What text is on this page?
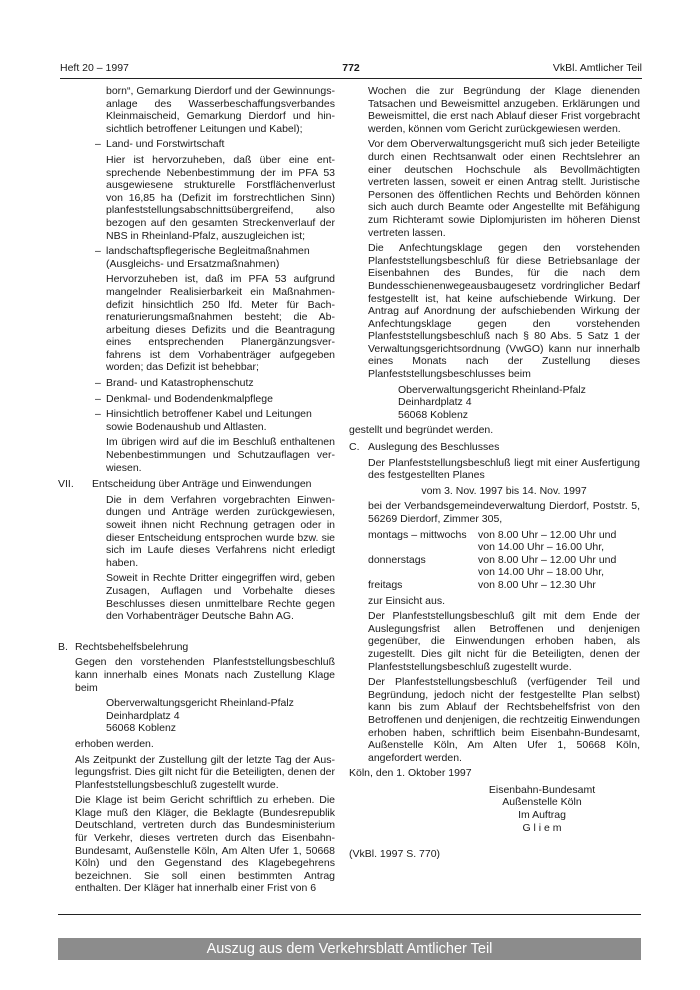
Heft 20 – 1997	772	VkBl. Amtlicher Teil

born“, Gemarkung Dierdorf und der Gewinnungsanlage des Wasserbeschaffungsverbandes Kleinmaischeid, Gemarkung Dierdorf und hinsichtlich betroffener Leitungen und Kabel);

– Land- und Forstwirtschaft

Hier ist hervorzuheben, daß über eine entsprechende Nebenbestimmung der im PFA 53 ausgewiesene strukturelle Forstflächenverlust von 16,85 ha (Defizit im forstrechtlichen Sinn) planfeststellungsabschnittsübergreifend, also bezogen auf den gesamten Streckenverlauf der NBS in Rheinland-Pfalz, auszugleichen ist;

– landschaftspflegerische Begleitmaßnahmen (Ausgleichs- und Ersatzmaßnahmen)

Hervorzuheben ist, daß im PFA 53 aufgrund mangelnder Realisierbarkeit ein Maßnahmendefizit hinsichtlich 250 lfd. Meter für Bachrenaturierungsmaßnahmen besteht; die Abarbeitung dieses Defizits und die Beantragung eines entsprechenden Planergänzungsverfahrens ist dem Vorhabenträger aufgegeben worden; das Defizit ist behebbar;

– Brand- und Katastrophenschutz
– Denkmal- und Bodendenkmalpflege
– Hinsichtlich betroffener Kabel und Leitungen sowie Bodenaushub und Altlasten.

Im übrigen wird auf die im Beschluß enthaltenen Nebenbestimmungen und Schutzauflagen verwiesen.

VII. Entscheidung über Anträge und Einwendungen

Die in dem Verfahren vorgebrachten Einwendungen und Anträge werden zurückgewiesen, soweit ihnen nicht Rechnung getragen oder in dieser Entscheidung entsprochen wurde bzw. sie sich im Laufe dieses Verfahrens nicht erledigt haben.

Soweit in Rechte Dritter eingegriffen wird, geben Zusagen, Auflagen und Vorbehalte dieses Beschlusses diesen unmittelbare Rechte gegen den Vorhabenträger Deutsche Bahn AG.

B. Rechtsbehelfsbelehrung

Gegen den vorstehenden Planfeststellungsbeschluß kann innerhalb eines Monats nach Zustellung Klage beim

Oberverwaltungsgericht Rheinland-Pfalz
Deinhardplatz 4
56068 Koblenz

erhoben werden.

Als Zeitpunkt der Zustellung gilt der letzte Tag der Auslegungsfrist. Dies gilt nicht für die Beteiligten, denen der Planfeststellungsbeschluß zugestellt wurde.

Die Klage ist beim Gericht schriftlich zu erheben. Die Klage muß den Kläger, die Beklagte (Bundesrepublik Deutschland, vertreten durch das Bundesministerium für Verkehr, dieses vertreten durch das Eisenbahn-Bundesamt, Außenstelle Köln, Am Alten Ufer 1, 50668 Köln) und den Gegenstand des Klagebegehrens bezeichnen. Sie soll einen bestimmten Antrag enthalten. Der Kläger hat innerhalb einer Frist von 6

Wochen die zur Begründung der Klage dienenden Tatsachen und Beweismittel anzugeben. Erklärungen und Beweismittel, die erst nach Ablauf dieser Frist vorgebracht werden, können vom Gericht zurückgewiesen werden.

Vor dem Oberverwaltungsgericht muß sich jeder Beteiligte durch einen Rechtsanwalt oder einen Rechtslehrer an einer deutschen Hochschule als Bevollmächtigten vertreten lassen, soweit er einen Antrag stellt. Juristische Personen des öffentlichen Rechts und Behörden können sich auch durch Beamte oder Angestellte mit Befähigung zum Richteramt sowie Diplomjuristen im höheren Dienst vertreten lassen.

Die Anfechtungsklage gegen den vorstehenden Planfeststellungsbeschluß für diese Betriebsanlage der Eisenbahnen des Bundes, für die nach dem Bundesschienenwegeausbaugesetz vordringlicher Bedarf festgestellt ist, hat keine aufschiebende Wirkung. Der Antrag auf Anordnung der aufschiebenden Wirkung der Anfechtungsklage gegen den vorstehenden Planfeststellungsbeschluß nach § 80 Abs. 5 Satz 1 der Verwaltungsgerichtsordnung (VwGO) kann nur innerhalb eines Monats nach der Zustellung dieses Planfeststellungsbeschlusses beim

Oberverwaltungsgericht Rheinland-Pfalz
Deinhardplatz 4
56068 Koblenz

gestellt und begründet werden.

C. Auslegung des Beschlusses

Der Planfeststellungsbeschluß liegt mit einer Ausfertigung des festgestellten Planes

vom 3. Nov. 1997 bis 14. Nov. 1997

bei der Verbandsgemeindeverwaltung Dierdorf, Poststr. 5, 56269 Dierdorf, Zimmer 305,

montags – mittwochs	von 8.00 Uhr – 12.00 Uhr und
von 14.00 Uhr – 16.00 Uhr,
donnerstags	von 8.00 Uhr – 12.00 Uhr und
von 14.00 Uhr – 18.00 Uhr,
freitags	von 8.00 Uhr – 12.30 Uhr

zur Einsicht aus.

Der Planfeststellungsbeschluß gilt mit dem Ende der Auslegungsfrist allen Betroffenen und denjenigen gegenüber, die Einwendungen erhoben haben, als zugestellt. Dies gilt nicht für die Beteiligten, denen der Planfeststellungsbeschluß zugestellt wurde.

Der Planfeststellungsbeschluß (verfügender Teil und Begründung, jedoch nicht der festgestellte Plan selbst) kann bis zum Ablauf der Rechtsbehelfsfrist von den Betroffenen und denjenigen, die rechtzeitig Einwendungen erhoben haben, schriftlich beim Eisenbahn-Bundesamt, Außenstelle Köln, Am Alten Ufer 1, 50668 Köln, angefordert werden.

Köln, den 1. Oktober 1997

Eisenbahn-Bundesamt
Außenstelle Köln
Im Auftrag
G l i e m

(VkBl. 1997 S. 770)

Auszug aus dem Verkehrsblatt Amtlicher Teil
